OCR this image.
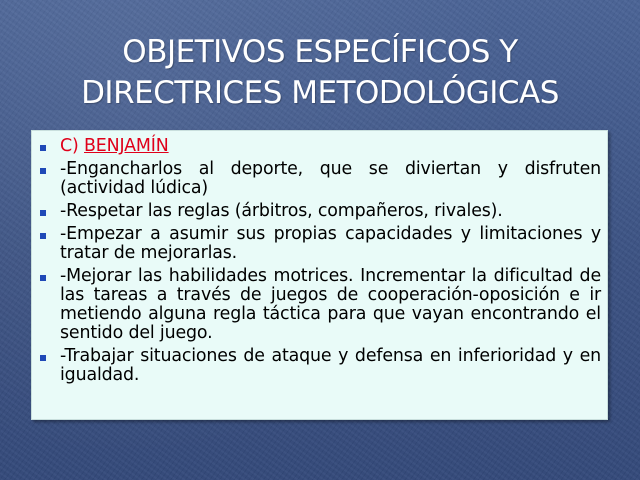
OBJETIVOS ESPECÍFICOS Y
DIRECTRICES METODOLÓGICAS
C) BENJAMÍN
-Engancharlos al deporte, que se diviertan y disfruten (actividad lúdica)
-Respetar las reglas (árbitros, compañeros, rivales).
-Empezar a asumir sus propias capacidades y limitaciones y tratar de mejorarlas.
-Mejorar las habilidades motrices. Incrementar la dificultad de las tareas a través de juegos de cooperación-oposición e ir metiendo alguna regla táctica para que vayan encontrando el sentido del juego.
-Trabajar situaciones de ataque y defensa en inferioridad y en igualdad.
